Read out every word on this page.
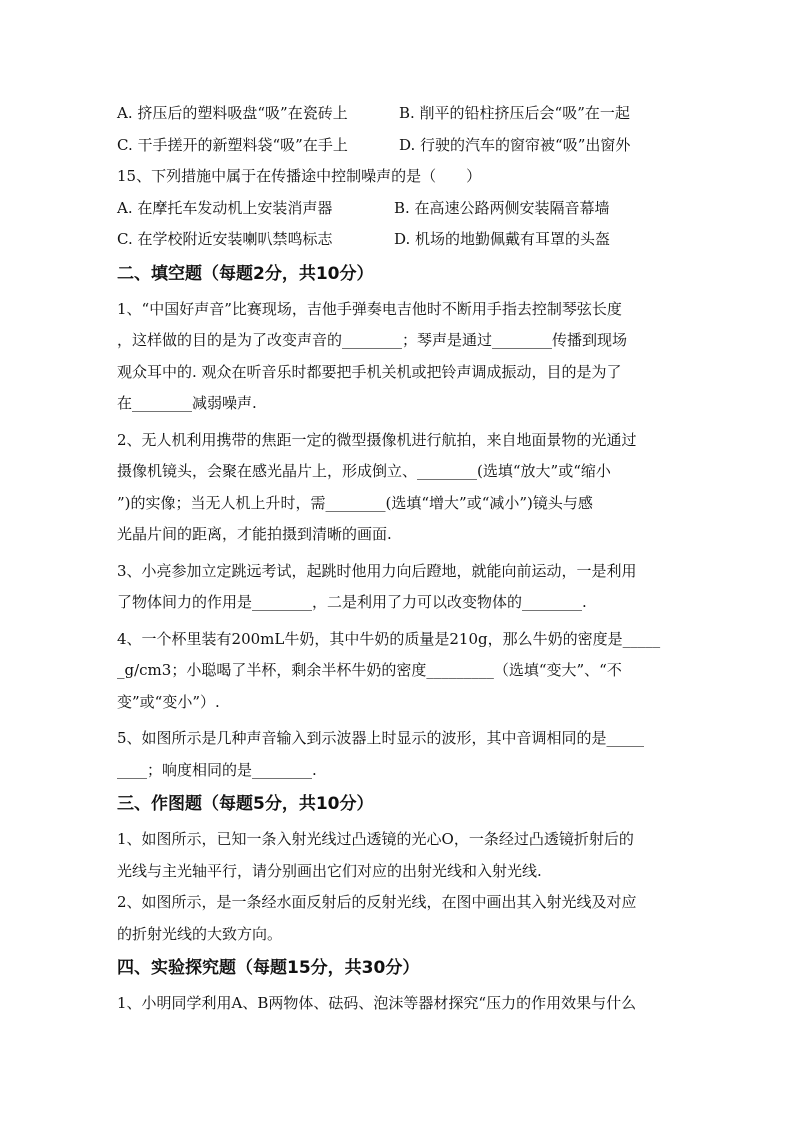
A. 挤压后的塑料吸盘“吸”在瓷砖上	B. 削平的铅柱挤压后会“吸”在一起
C. 干手搓开的新塑料袋“吸”在手上	D. 行驶的汽车的窗帘被“吸”出窗外
15、下列措施中属于在传播途中控制噪声的是（　　）
A. 在摩托车发动机上安装消声器	B. 在高速公路两侧安装隔音幕墙
C. 在学校附近安装喇叭禁鸣标志	D. 机场的地勤佩戴有耳罩的头盔
二、填空题（每题2分，共10分）
1、“中国好声音”比赛现场，吉他手弹奏电吉他时不断用手指去控制琴弦长度
，这样做的目的是为了改变声音的________；琴声是通过________传播到现场
观众耳中的. 观众在听音乐时都要把手机关机或把铃声调成振动，目的是为了
在________减弱噪声.
2、无人机利用携带的焦距一定的微型摄像机进行航拍，来自地面景物的光通过
摄像机镜头，会聚在感光晶片上，形成倒立、________(选填“放大”或“缩小
”)的实像；当无人机上升时，需________(选填“增大”或“减小”)镜头与感
光晶片间的距离，才能拍摄到清晰的画面.
3、小亮参加立定跳远考试，起跳时他用力向后蹬地，就能向前运动，一是利用
了物体间力的作用是________，二是利用了力可以改变物体的________.
4、一个杯里装有200mL牛奶，其中牛奶的质量是210g，那么牛奶的密度是_____
_g/cm3；小聪喝了半杯，剩余半杯牛奶的密度_________（选填“变大”、“不
变”或“变小”）.
5、如图所示是几种声音输入到示波器上时显示的波形，其中音调相同的是_____
____；响度相同的是________.
三、作图题（每题5分，共10分）
1、如图所示，已知一条入射光线过凸透镜的光心O，一条经过凸透镜折射后的
光线与主光轴平行，请分别画出它们对应的出射光线和入射光线.
2、如图所示，是一条经水面反射后的反射光线，在图中画出其入射光线及对应
的折射光线的大致方向。
四、实验探究题（每题15分，共30分）
1、小明同学利用A、B两物体、砝码、泡沫等器材探究“压力的作用效果与什么
